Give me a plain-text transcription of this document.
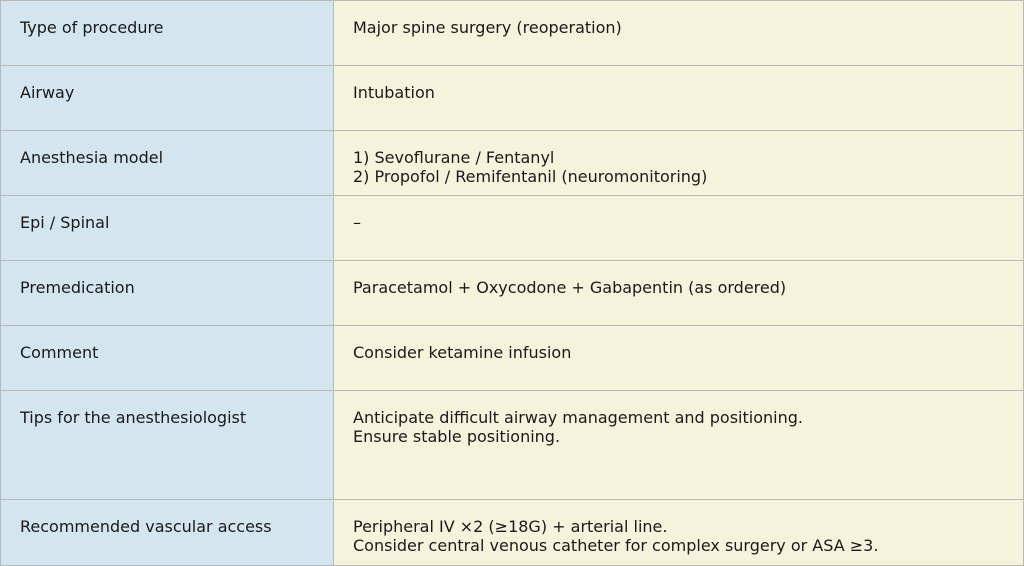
Type of procedure	Major spine surgery (reoperation)

Airway	Intubation

Anesthesia model	1) Sevoflurane / Fentanyl
2) Propofol / Remifentanil (neuromonitoring)

Epi / Spinal	–

Premedication	Paracetamol + Oxycodone + Gabapentin (as ordered)

Comment	Consider ketamine infusion

Tips for the anesthesiologist	Anticipate difficult airway management and positioning.
Ensure stable positioning.

Recommended vascular access	Peripheral IV ×2 (≥18G) + arterial line.
Consider central venous catheter for complex surgery or ASA ≥3.
